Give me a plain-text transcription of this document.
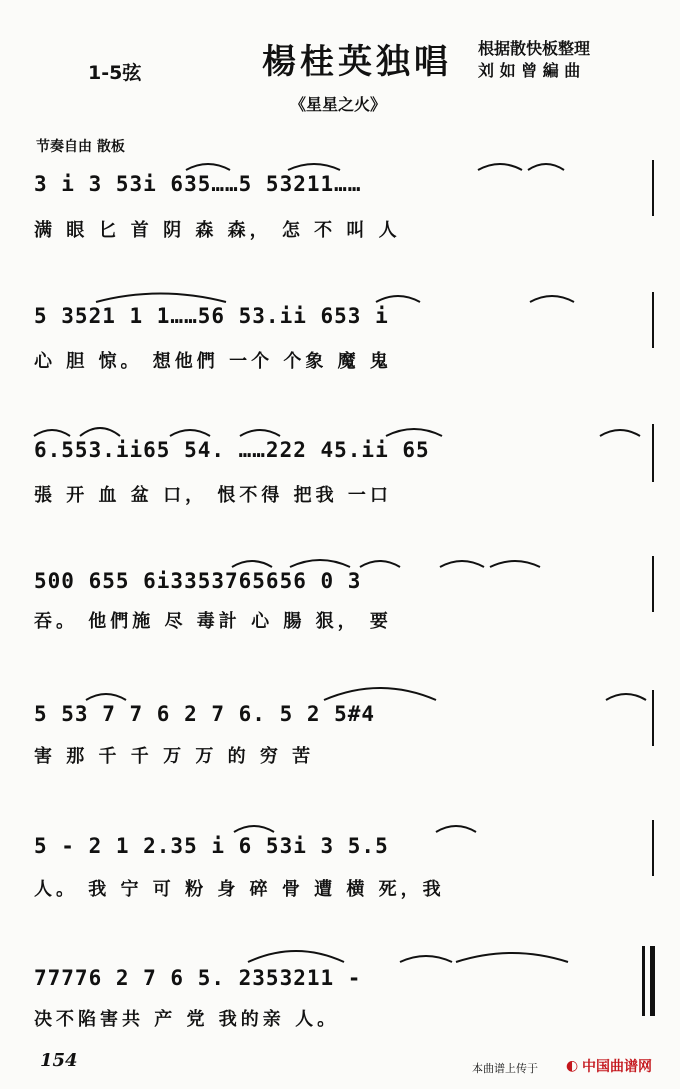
1-5弦	楊桂英独唱 根据散快板整理
刘 如 曾 編 曲
《星星之火》
节奏自由 散板
3 i 3 53i 635……5 53211……
满 眼 匕 首 阴 森 森， 怎 不 叫 人
5 3521 1 1……56 53.ii 653 i
心 胆 惊。 想他們 一个 个象 魔 鬼
6.553.ii65 54. ……222 45.ii 65
張 开 血 盆 口， 恨不得 把我 一口
500 655 6i3353765656 0 3
吞。 他們施 尽 毒計 心 腸 狠， 要
5 53 7 7 6 2 7 6. 5 2 5#4
害 那 千 千 万 万 的 穷 苦
5 - 2 1 2.35 i 6 53i 3 5.5
人。 我 宁 可 粉 身 碎 骨 遭 横 死，我
77776 2 7 6 5. 2353211 -
决不陷害共 产 党 我的亲 人。
154	本曲谱上传于 ◐ 中国曲谱网
